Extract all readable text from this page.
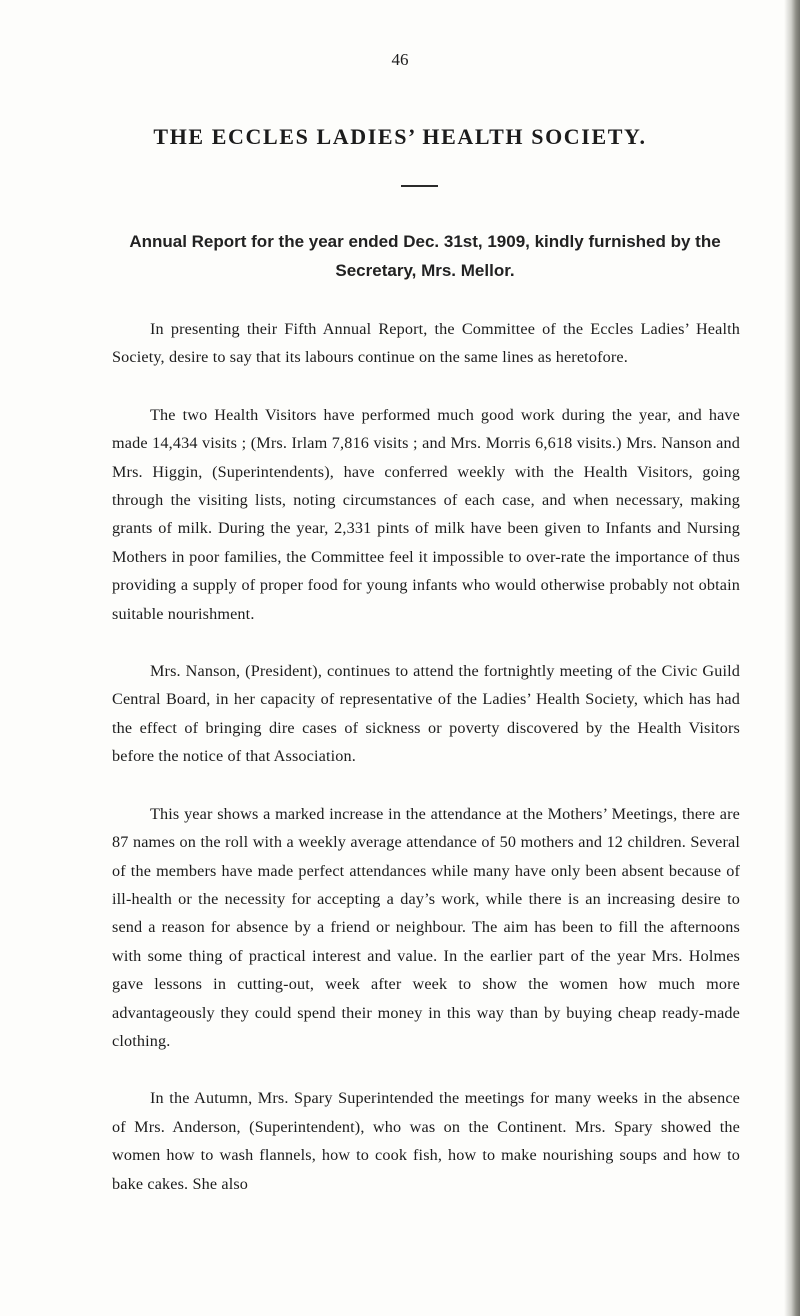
46
THE ECCLES LADIES’ HEALTH SOCIETY.
Annual Report for the year ended Dec. 31st, 1909, kindly furnished by the Secretary, Mrs. Mellor.

In presenting their Fifth Annual Report, the Committee of the Eccles Ladies’ Health Society, desire to say that its labours continue on the same lines as heretofore.

The two Health Visitors have performed much good work during the year, and have made 14,434 visits ; (Mrs. Irlam 7,816 visits ; and Mrs. Morris 6,618 visits.) Mrs. Nanson and Mrs. Higgin, (Superintendents), have conferred weekly with the Health Visitors, going through the visiting lists, noting circumstances of each case, and when necessary, making grants of milk. During the year, 2,331 pints of milk have been given to Infants and Nursing Mothers in poor families, the Committee feel it impossible to over-rate the importance of thus providing a supply of proper food for young infants who would otherwise probably not obtain suitable nourishment.

Mrs. Nanson, (President), continues to attend the fortnightly meeting of the Civic Guild Central Board, in her capacity of representative of the Ladies’ Health Society, which has had the effect of bringing dire cases of sickness or poverty discovered by the Health Visitors before the notice of that Association.

This year shows a marked increase in the attendance at the Mothers’ Meetings, there are 87 names on the roll with a weekly average attendance of 50 mothers and 12 children. Several of the members have made perfect attendances while many have only been absent because of ill-health or the necessity for accepting a day’s work, while there is an increasing desire to send a reason for absence by a friend or neighbour. The aim has been to fill the afternoons with some thing of practical interest and value. In the earlier part of the year Mrs. Holmes gave lessons in cutting-out, week after week to show the women how much more advantageously they could spend their money in this way than by buying cheap ready-made clothing.

In the Autumn, Mrs. Spary Superintended the meetings for many weeks in the absence of Mrs. Anderson, (Superintendent), who was on the Continent. Mrs. Spary showed the women how to wash flannels, how to cook fish, how to make nourishing soups and how to bake cakes. She also
